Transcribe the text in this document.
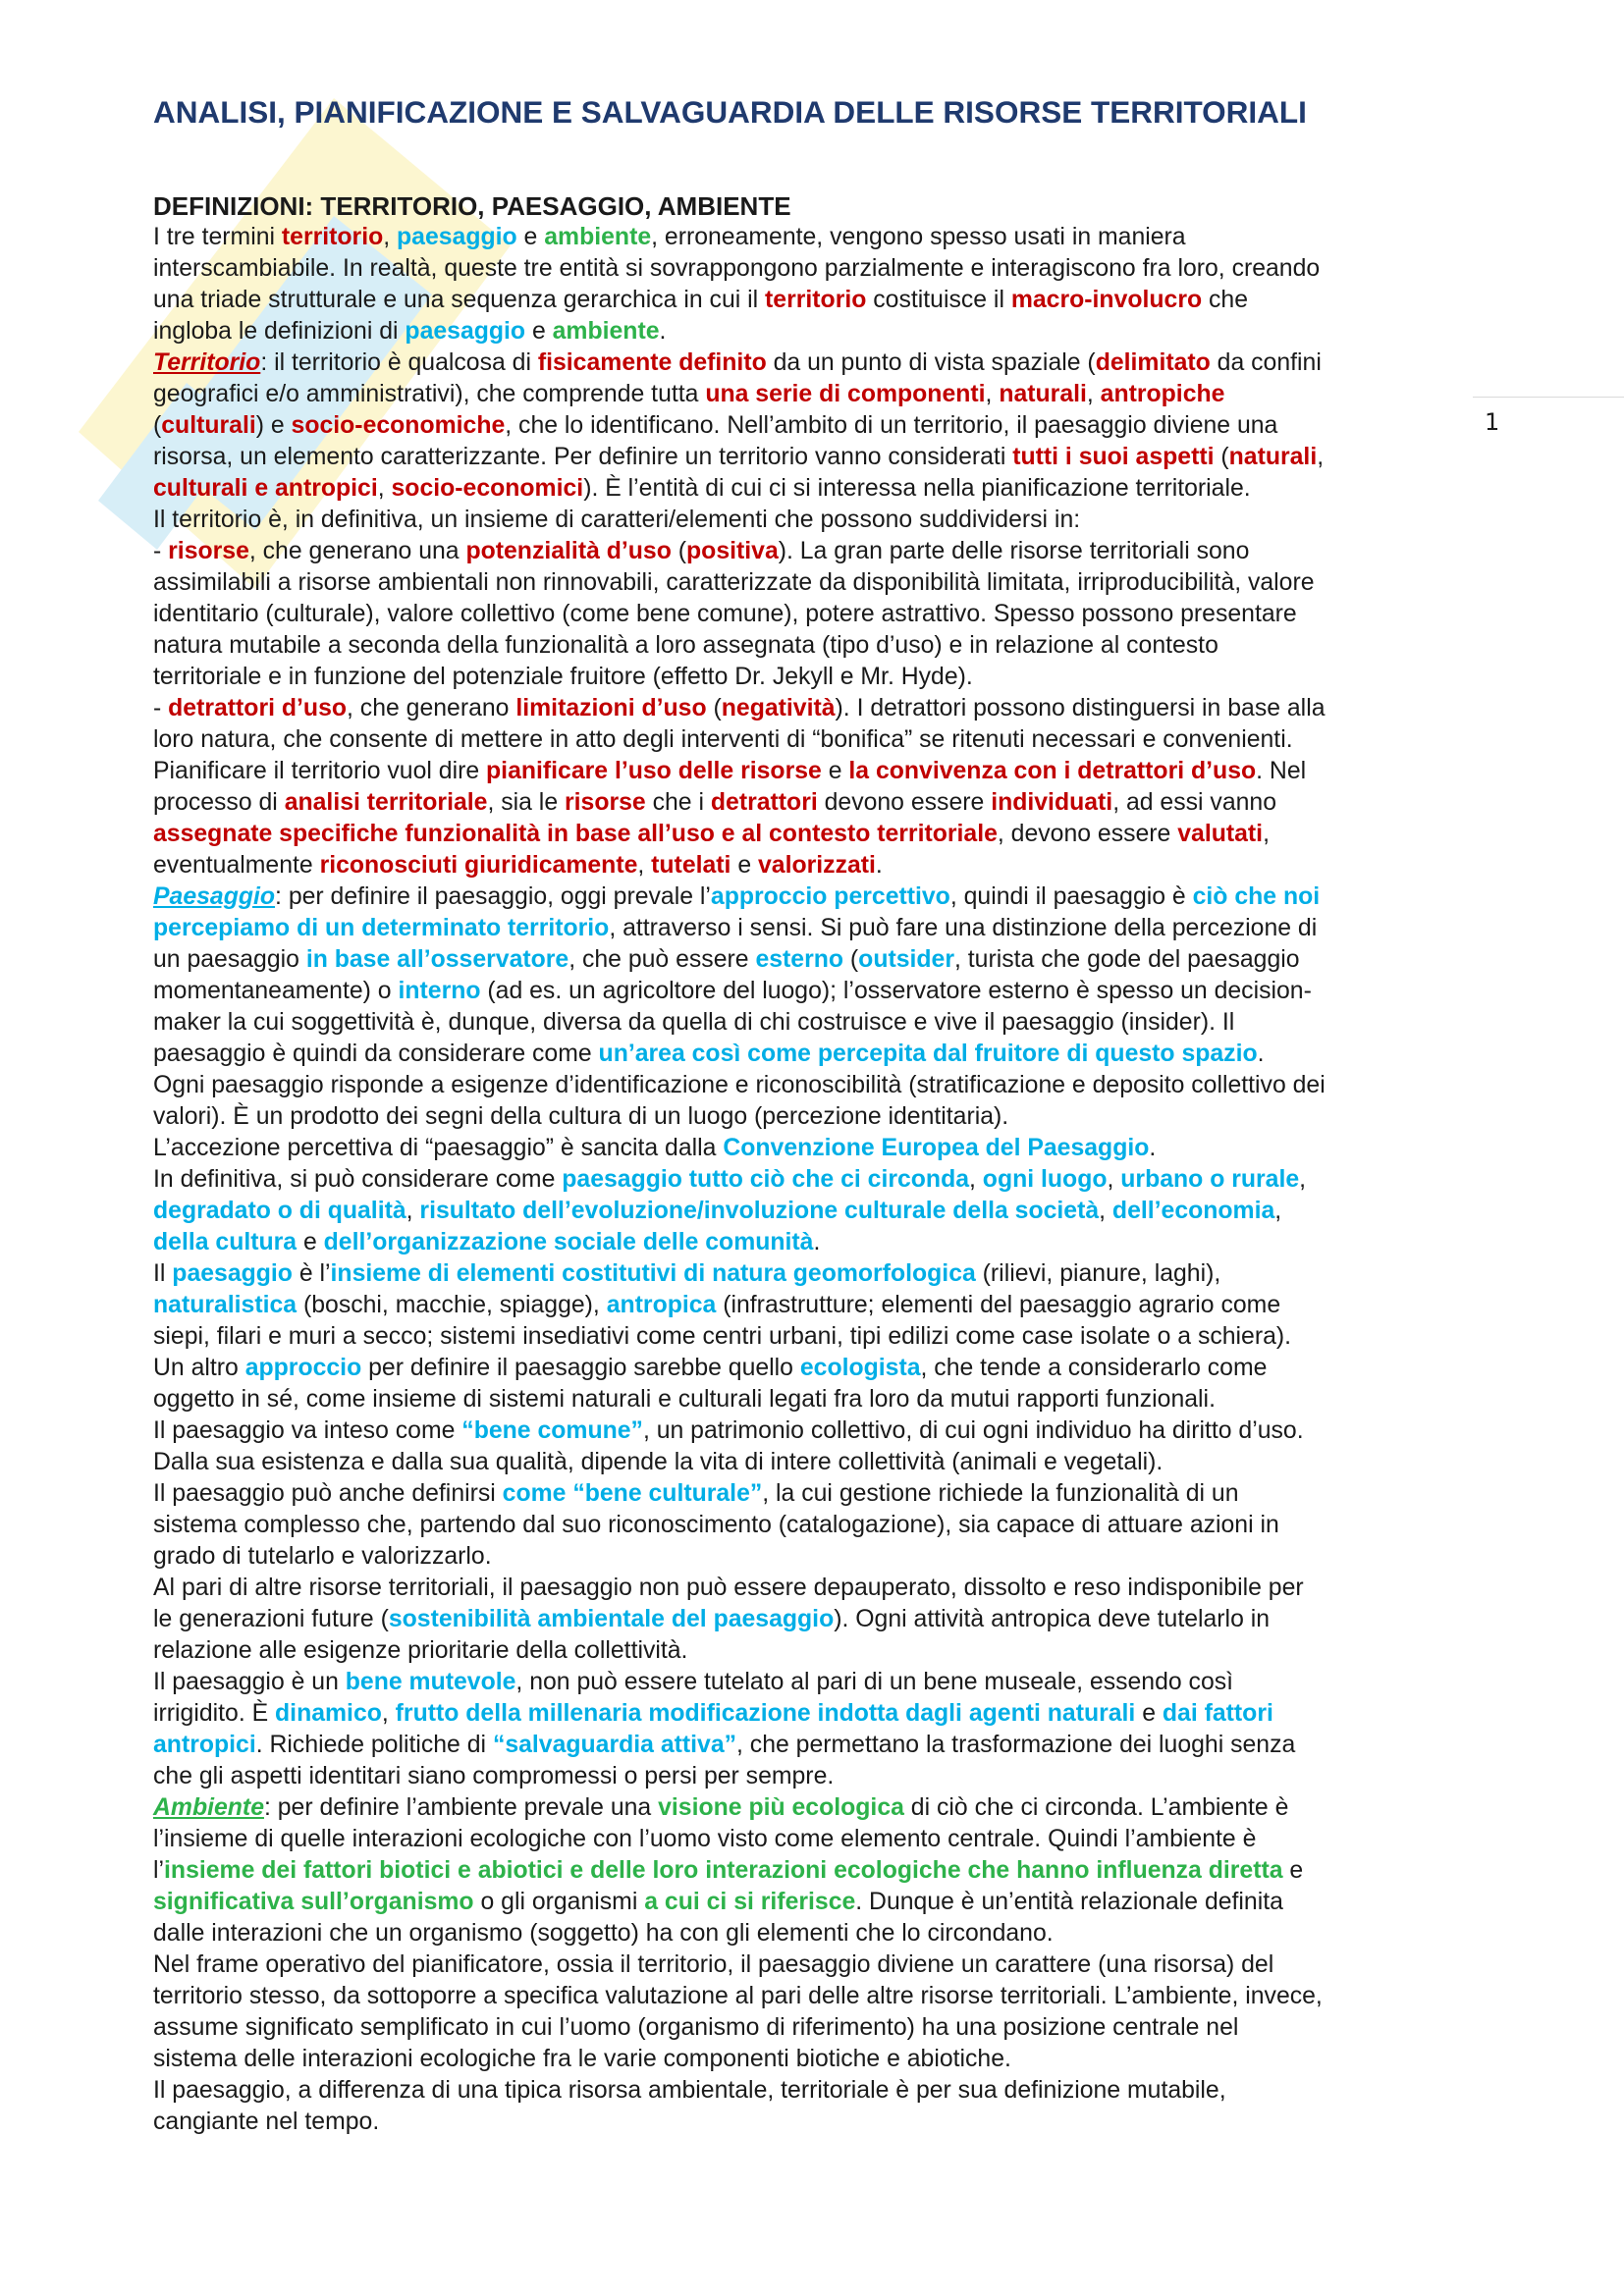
ANALISI, PIANIFICAZIONE E SALVAGUARDIA DELLE RISORSE TERRITORIALI
DEFINIZIONI: TERRITORIO, PAESAGGIO, AMBIENTE
I tre termini territorio, paesaggio e ambiente, erroneamente, vengono spesso usati in maniera
interscambiabile. In realtà, queste tre entità si sovrappongono parzialmente e interagiscono fra loro, creando
una triade strutturale e una sequenza gerarchica in cui il territorio costituisce il macro-involucro che
ingloba le definizioni di paesaggio e ambiente.
Territorio: il territorio è qualcosa di fisicamente definito da un punto di vista spaziale (delimitato da confini
geografici e/o amministrativi), che comprende tutta una serie di componenti, naturali, antropiche
(culturali) e socio-economiche, che lo identificano. Nell’ambito di un territorio, il paesaggio diviene una
risorsa, un elemento caratterizzante. Per definire un territorio vanno considerati tutti i suoi aspetti (naturali,
culturali e antropici, socio-economici). È l’entità di cui ci si interessa nella pianificazione territoriale.
Il territorio è, in definitiva, un insieme di caratteri/elementi che possono suddividersi in:
- risorse, che generano una potenzialità d’uso (positiva). La gran parte delle risorse territoriali sono
assimilabili a risorse ambientali non rinnovabili, caratterizzate da disponibilità limitata, irriproducibilità, valore
identitario (culturale), valore collettivo (come bene comune), potere astrattivo. Spesso possono presentare
natura mutabile a seconda della funzionalità a loro assegnata (tipo d’uso) e in relazione al contesto
territoriale e in funzione del potenziale fruitore (effetto Dr. Jekyll e Mr. Hyde).
- detrattori d’uso, che generano limitazioni d’uso (negatività). I detrattori possono distinguersi in base alla
loro natura, che consente di mettere in atto degli interventi di “bonifica” se ritenuti necessari e convenienti.
Pianificare il territorio vuol dire pianificare l’uso delle risorse e la convivenza con i detrattori d’uso. Nel
processo di analisi territoriale, sia le risorse che i detrattori devono essere individuati, ad essi vanno
assegnate specifiche funzionalità in base all’uso e al contesto territoriale, devono essere valutati,
eventualmente riconosciuti giuridicamente, tutelati e valorizzati.
Paesaggio: per definire il paesaggio, oggi prevale l’approccio percettivo, quindi il paesaggio è ciò che noi
percepiamo di un determinato territorio, attraverso i sensi. Si può fare una distinzione della percezione di
un paesaggio in base all’osservatore, che può essere esterno (outsider, turista che gode del paesaggio
momentaneamente) o interno (ad es. un agricoltore del luogo); l’osservatore esterno è spesso un decision-
maker la cui soggettività è, dunque, diversa da quella di chi costruisce e vive il paesaggio (insider). Il
paesaggio è quindi da considerare come un’area così come percepita dal fruitore di questo spazio.
Ogni paesaggio risponde a esigenze d’identificazione e riconoscibilità (stratificazione e deposito collettivo dei
valori). È un prodotto dei segni della cultura di un luogo (percezione identitaria).
L’accezione percettiva di “paesaggio” è sancita dalla Convenzione Europea del Paesaggio.
In definitiva, si può considerare come paesaggio tutto ciò che ci circonda, ogni luogo, urbano o rurale,
degradato o di qualità, risultato dell’evoluzione/involuzione culturale della società, dell’economia,
della cultura e dell’organizzazione sociale delle comunità.
Il paesaggio è l’insieme di elementi costitutivi di natura geomorfologica (rilievi, pianure, laghi),
naturalistica (boschi, macchie, spiagge), antropica (infrastrutture; elementi del paesaggio agrario come
siepi, filari e muri a secco; sistemi insediativi come centri urbani, tipi edilizi come case isolate o a schiera).
Un altro approccio per definire il paesaggio sarebbe quello ecologista, che tende a considerarlo come
oggetto in sé, come insieme di sistemi naturali e culturali legati fra loro da mutui rapporti funzionali.
Il paesaggio va inteso come “bene comune”, un patrimonio collettivo, di cui ogni individuo ha diritto d’uso.
Dalla sua esistenza e dalla sua qualità, dipende la vita di intere collettività (animali e vegetali).
Il paesaggio può anche definirsi come “bene culturale”, la cui gestione richiede la funzionalità di un
sistema complesso che, partendo dal suo riconoscimento (catalogazione), sia capace di attuare azioni in
grado di tutelarlo e valorizzarlo.
Al pari di altre risorse territoriali, il paesaggio non può essere depauperato, dissolto e reso indisponibile per
le generazioni future (sostenibilità ambientale del paesaggio). Ogni attività antropica deve tutelarlo in
relazione alle esigenze prioritarie della collettività.
Il paesaggio è un bene mutevole, non può essere tutelato al pari di un bene museale, essendo così
irrigidito. È dinamico, frutto della millenaria modificazione indotta dagli agenti naturali e dai fattori
antropici. Richiede politiche di “salvaguardia attiva”, che permettano la trasformazione dei luoghi senza
che gli aspetti identitari siano compromessi o persi per sempre.
Ambiente: per definire l’ambiente prevale una visione più ecologica di ciò che ci circonda. L’ambiente è
l’insieme di quelle interazioni ecologiche con l’uomo visto come elemento centrale. Quindi l’ambiente è
l’insieme dei fattori biotici e abiotici e delle loro interazioni ecologiche che hanno influenza diretta e
significativa sull’organismo o gli organismi a cui ci si riferisce. Dunque è un’entità relazionale definita
dalle interazioni che un organismo (soggetto) ha con gli elementi che lo circondano.
Nel frame operativo del pianificatore, ossia il territorio, il paesaggio diviene un carattere (una risorsa) del
territorio stesso, da sottoporre a specifica valutazione al pari delle altre risorse territoriali. L’ambiente, invece,
assume significato semplificato in cui l’uomo (organismo di riferimento) ha una posizione centrale nel
sistema delle interazioni ecologiche fra le varie componenti biotiche e abiotiche.
Il paesaggio, a differenza di una tipica risorsa ambientale, territoriale è per sua definizione mutabile,
cangiante nel tempo.
1
